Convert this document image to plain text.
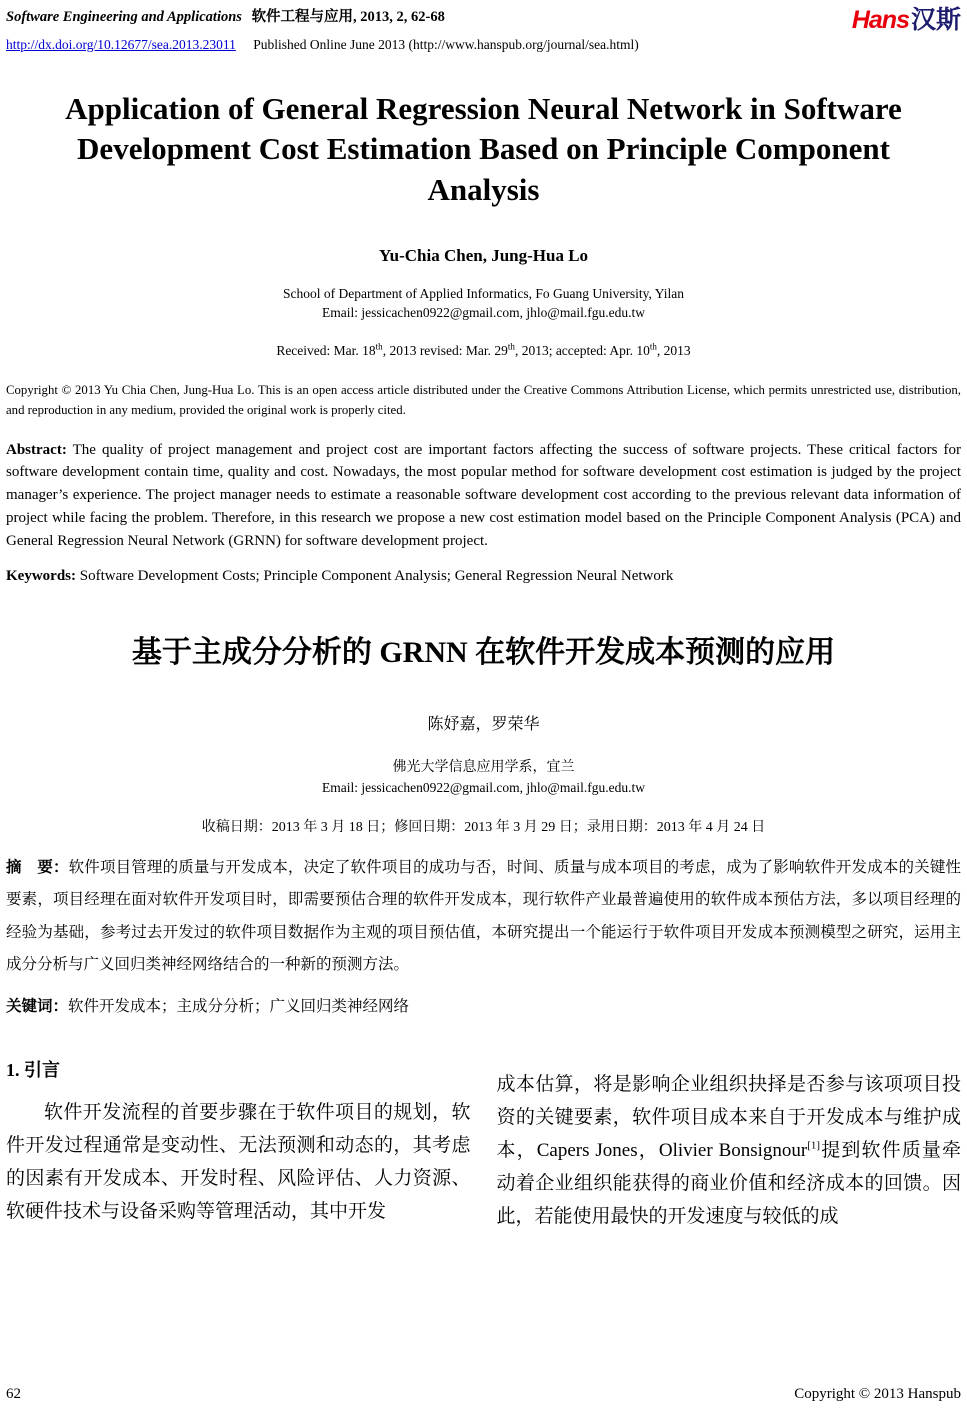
Software Engineering and Applications 软件工程与应用, 2013, 2, 62-68	Hans汉斯
http://dx.doi.org/10.12677/sea.2013.23011 Published Online June 2013 (http://www.hanspub.org/journal/sea.html)
Application of General Regression Neural Network in Software Development Cost Estimation Based on Principle Component Analysis
Yu-Chia Chen, Jung-Hua Lo
School of Department of Applied Informatics, Fo Guang University, Yilan
Email: jessicachen0922@gmail.com, jhlo@mail.fgu.edu.tw
Received: Mar. 18th, 2013 revised: Mar. 29th, 2013; accepted: Apr. 10th, 2013

Copyright © 2013 Yu Chia Chen, Jung-Hua Lo. This is an open access article distributed under the Creative Commons Attribution License, which permits unrestricted use, distribution, and reproduction in any medium, provided the original work is properly cited.

Abstract: The quality of project management and project cost are important factors affecting the success of software projects. These critical factors for software development contain time, quality and cost. Nowadays, the most popular method for software development cost estimation is judged by the project manager’s experience. The project manager needs to estimate a reasonable software development cost according to the previous relevant data information of project while facing the problem. Therefore, in this research we propose a new cost estimation model based on the Principle Component Analysis (PCA) and General Regression Neural Network (GRNN) for software development project.

Keywords: Software Development Costs; Principle Component Analysis; General Regression Neural Network

基于主成分分析的 GRNN 在软件开发成本预测的应用
陈妤嘉，罗荣华
佛光大学信息应用学系，宜兰
Email: jessicachen0922@gmail.com, jhlo@mail.fgu.edu.tw
收稿日期：2013 年 3 月 18 日；修回日期：2013 年 3 月 29 日；录用日期：2013 年 4 月 24 日

摘　要：软件项目管理的质量与开发成本，决定了软件项目的成功与否，时间、质量与成本项目的考虑，成为了影响软件开发成本的关键性要素，项目经理在面对软件开发项目时，即需要预估合理的软件开发成本，现行软件产业最普遍使用的软件成本预估方法，多以项目经理的经验为基础，参考过去开发过的软件项目数据作为主观的项目预估值，本研究提出一个能运行于软件项目开发成本预测模型之研究，运用主成分分析与广义回归类神经网络结合的一种新的预测方法。

关键词：软件开发成本；主成分分析；广义回归类神经网络

1. 引言

软件开发流程的首要步骤在于软件项目的规划，软件开发过程通常是变动性、无法预测和动态的，其考虑的因素有开发成本、开发时程、风险评估、人力资源、软硬件技术与设备采购等管理活动，其中开发

成本估算，将是影响企业组织抉择是否参与该项项目投资的关键要素，软件项目成本来自于开发成本与维护成本，Capers Jones，Olivier Bonsignour[1]提到软件质量牵动着企业组织能获得的商业价值和经济成本的回馈。因此，若能使用最快的开发速度与较低的成

62	Copyright © 2013 Hanspub
